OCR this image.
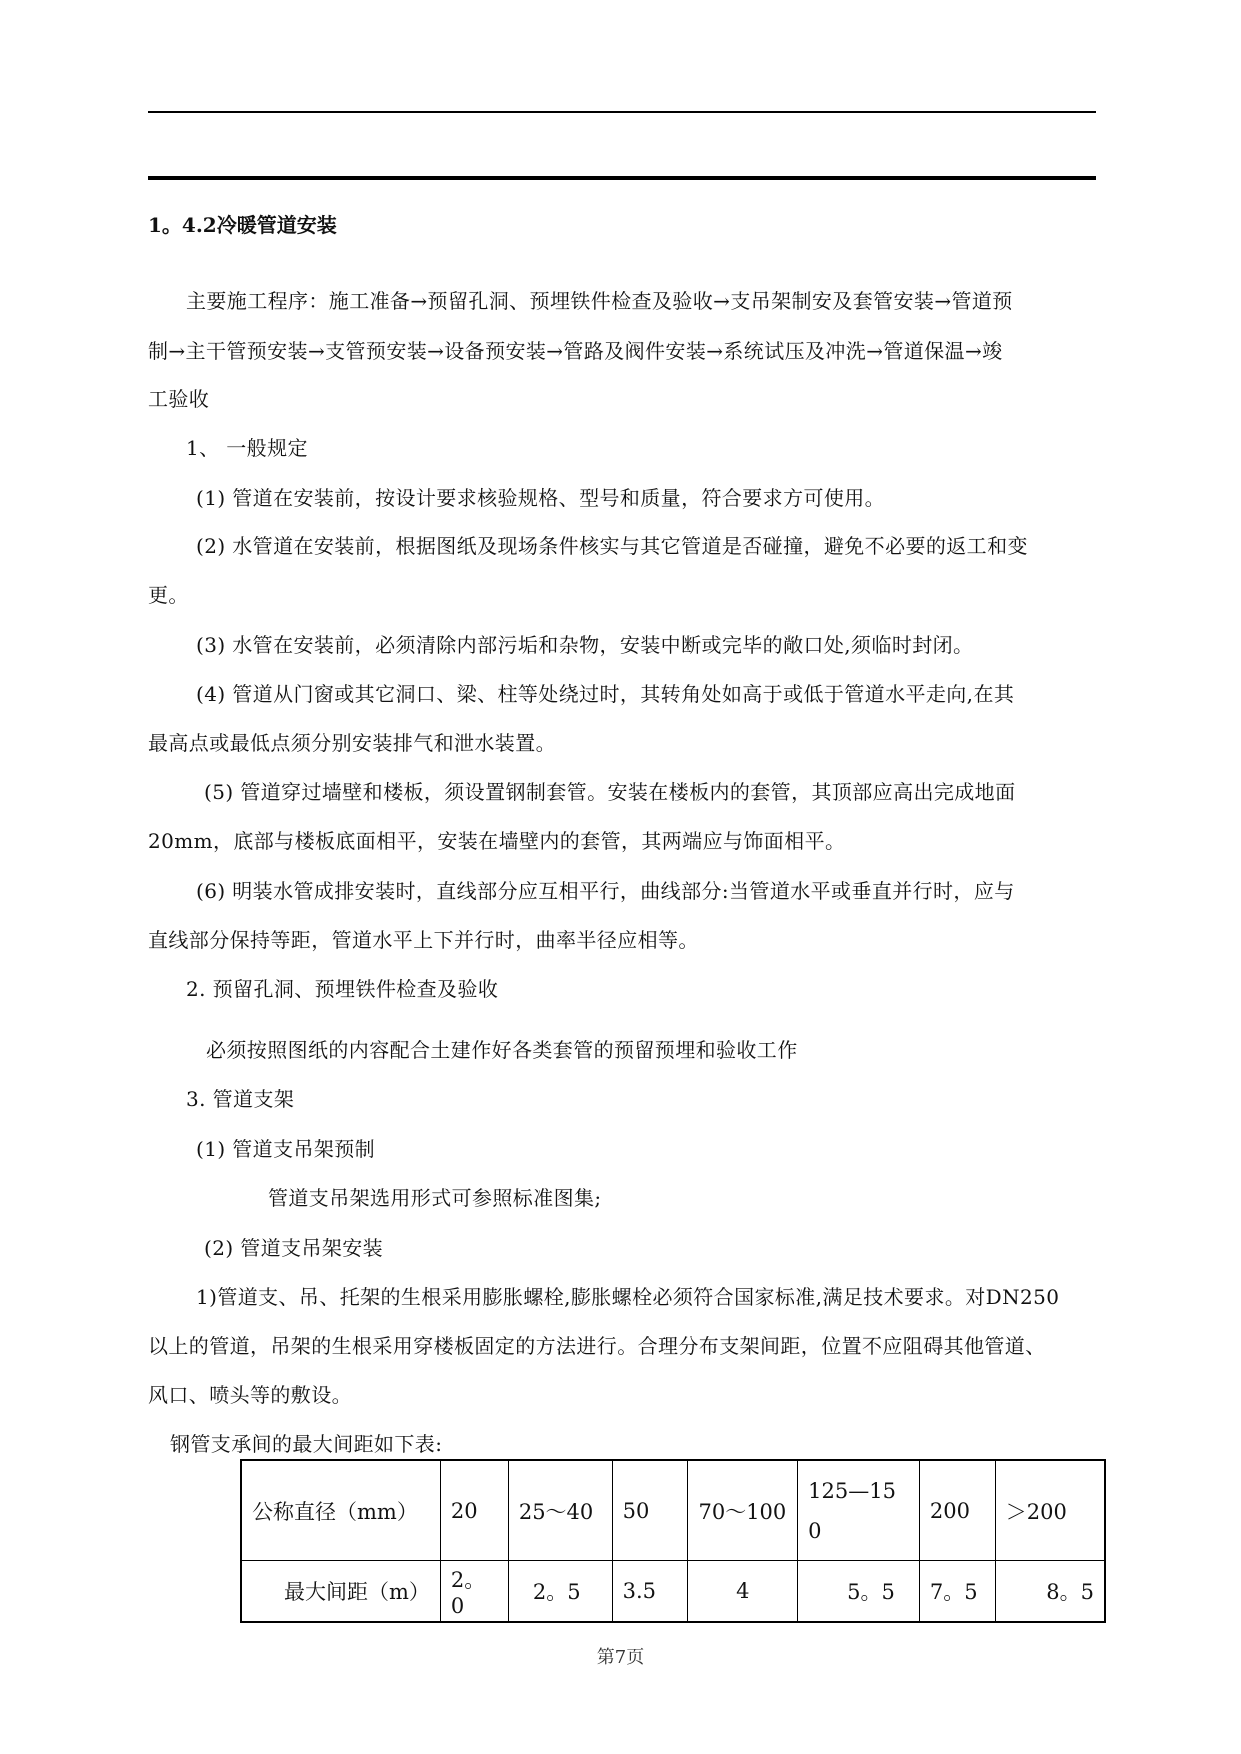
1。4.2冷暖管道安装
主要施工程序：施工准备→预留孔洞、预埋铁件检查及验收→支吊架制安及套管安装→管道预
制→主干管预安装→支管预安装→设备预安装→管路及阀件安装→系统试压及冲洗→管道保温→竣
工验收
1、 一般规定
(1) 管道在安装前，按设计要求核验规格、型号和质量，符合要求方可使用。
(2) 水管道在安装前，根据图纸及现场条件核实与其它管道是否碰撞，避免不必要的返工和变
更。
(3) 水管在安装前，必须清除内部污垢和杂物，安装中断或完毕的敞口处,须临时封闭。
(4) 管道从门窗或其它洞口、梁、柱等处绕过时，其转角处如高于或低于管道水平走向,在其
最高点或最低点须分别安装排气和泄水装置。
(5) 管道穿过墙壁和楼板，须设置钢制套管。安装在楼板内的套管，其顶部应高出完成地面
20mm，底部与楼板底面相平，安装在墙壁内的套管，其两端应与饰面相平。
(6) 明装水管成排安装时，直线部分应互相平行，曲线部分:当管道水平或垂直并行时，应与
直线部分保持等距，管道水平上下并行时，曲率半径应相等。
2. 预留孔洞、预埋铁件检查及验收
必须按照图纸的内容配合土建作好各类套管的预留预埋和验收工作
3. 管道支架
(1) 管道支吊架预制
管道支吊架选用形式可参照标准图集;
(2) 管道支吊架安装
1)管道支、吊、托架的生根采用膨胀螺栓,膨胀螺栓必须符合国家标准,满足技术要求。对DN250
以上的管道，吊架的生根采用穿楼板固定的方法进行。合理分布支架间距，位置不应阻碍其他管道、
风口、喷头等的敷设。
钢管支承间的最大间距如下表:
公称直径（mm）	20	25～40	50	70～100	125—150	200	＞200
最大间距（m）	2。0	2。5	3.5	4	5。5	7。5	8。5
第7页
